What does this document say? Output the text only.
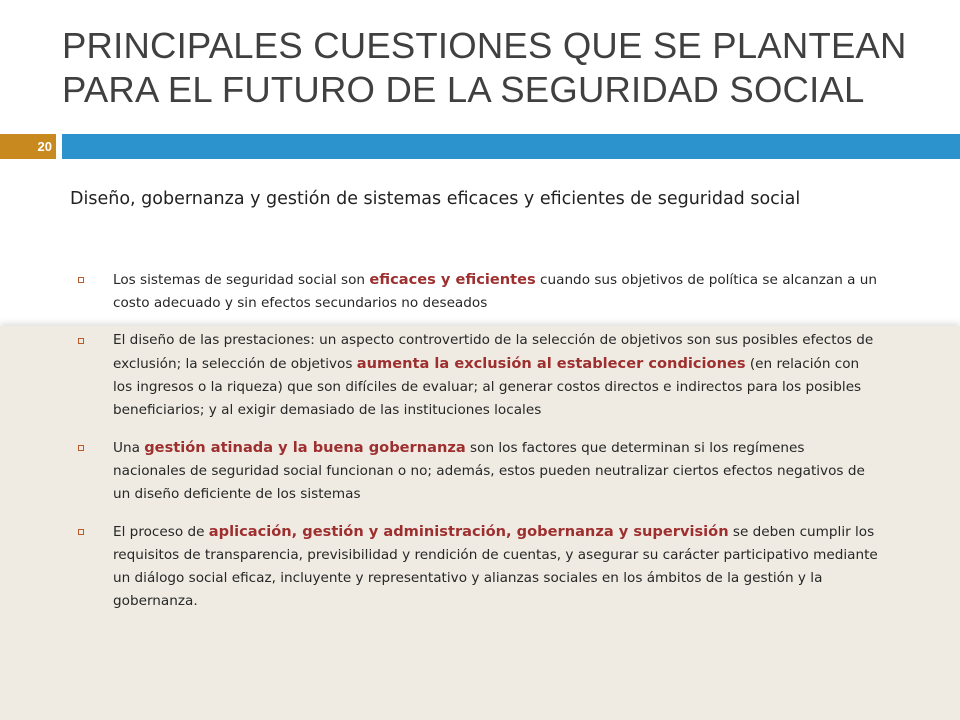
PRINCIPALES CUESTIONES QUE SE PLANTEAN
PARA EL FUTURO DE LA SEGURIDAD SOCIAL
20
Diseño, gobernanza y gestión de sistemas eficaces y eficientes de seguridad social
Los sistemas de seguridad social son eficaces y eficientes cuando sus objetivos de política se alcanzan a un costo adecuado y sin efectos secundarios no deseados
El diseño de las prestaciones: un aspecto controvertido de la selección de objetivos son sus posibles efectos de exclusión; la selección de objetivos aumenta la exclusión al establecer condiciones (en relación con los ingresos o la riqueza) que son difíciles de evaluar; al generar costos directos e indirectos para los posibles beneficiarios; y al exigir demasiado de las instituciones locales
Una gestión atinada y la buena gobernanza son los factores que determinan si los regímenes nacionales de seguridad social funcionan o no; además, estos pueden neutralizar ciertos efectos negativos de un diseño deficiente de los sistemas
El proceso de aplicación, gestión y administración, gobernanza y supervisión se deben cumplir los requisitos de transparencia, previsibilidad y rendición de cuentas, y asegurar su carácter participativo mediante un diálogo social eficaz, incluyente y representativo y alianzas sociales en los ámbitos de la gestión y la gobernanza.
